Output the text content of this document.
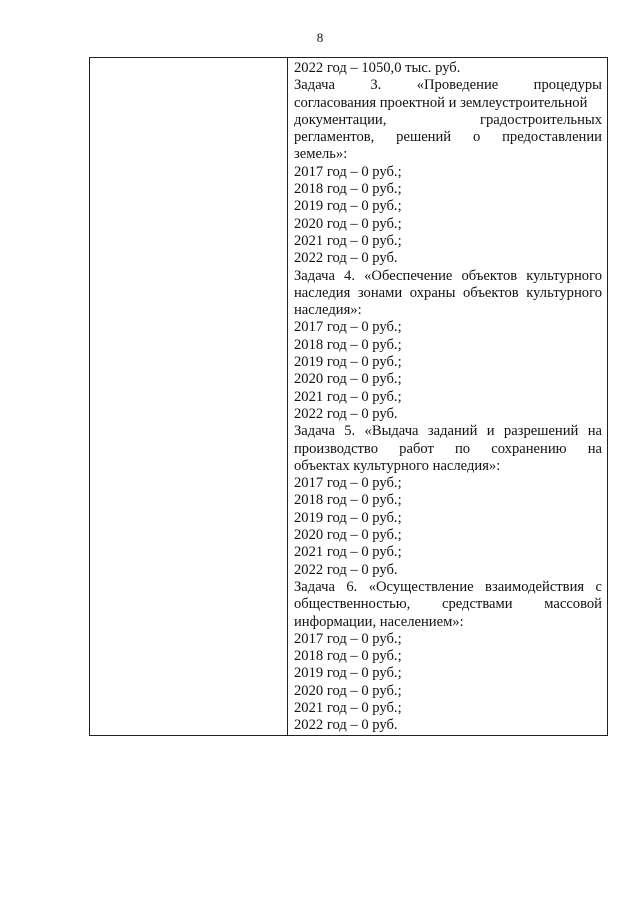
8
2022 год – 1050,0 тыс. руб.
Задача 3. «Проведение процедуры
согласования проектной и землеустроительной
документации, градостроительных
регламентов, решений о предоставлении
земель»:
2017 год – 0 руб.;
2018 год – 0 руб.;
2019 год – 0 руб.;
2020 год – 0 руб.;
2021 год – 0 руб.;
2022 год – 0 руб.
Задача 4. «Обеспечение объектов культурного
наследия зонами охраны объектов культурного
наследия»:
2017 год – 0 руб.;
2018 год – 0 руб.;
2019 год – 0 руб.;
2020 год – 0 руб.;
2021 год – 0 руб.;
2022 год – 0 руб.
Задача 5. «Выдача заданий и разрешений на
производство работ по сохранению на
объектах культурного наследия»:
2017 год – 0 руб.;
2018 год – 0 руб.;
2019 год – 0 руб.;
2020 год – 0 руб.;
2021 год – 0 руб.;
2022 год – 0 руб.
Задача 6. «Осуществление взаимодействия с
общественностью, средствами массовой
информации, населением»:
2017 год – 0 руб.;
2018 год – 0 руб.;
2019 год – 0 руб.;
2020 год – 0 руб.;
2021 год – 0 руб.;
2022 год – 0 руб.
